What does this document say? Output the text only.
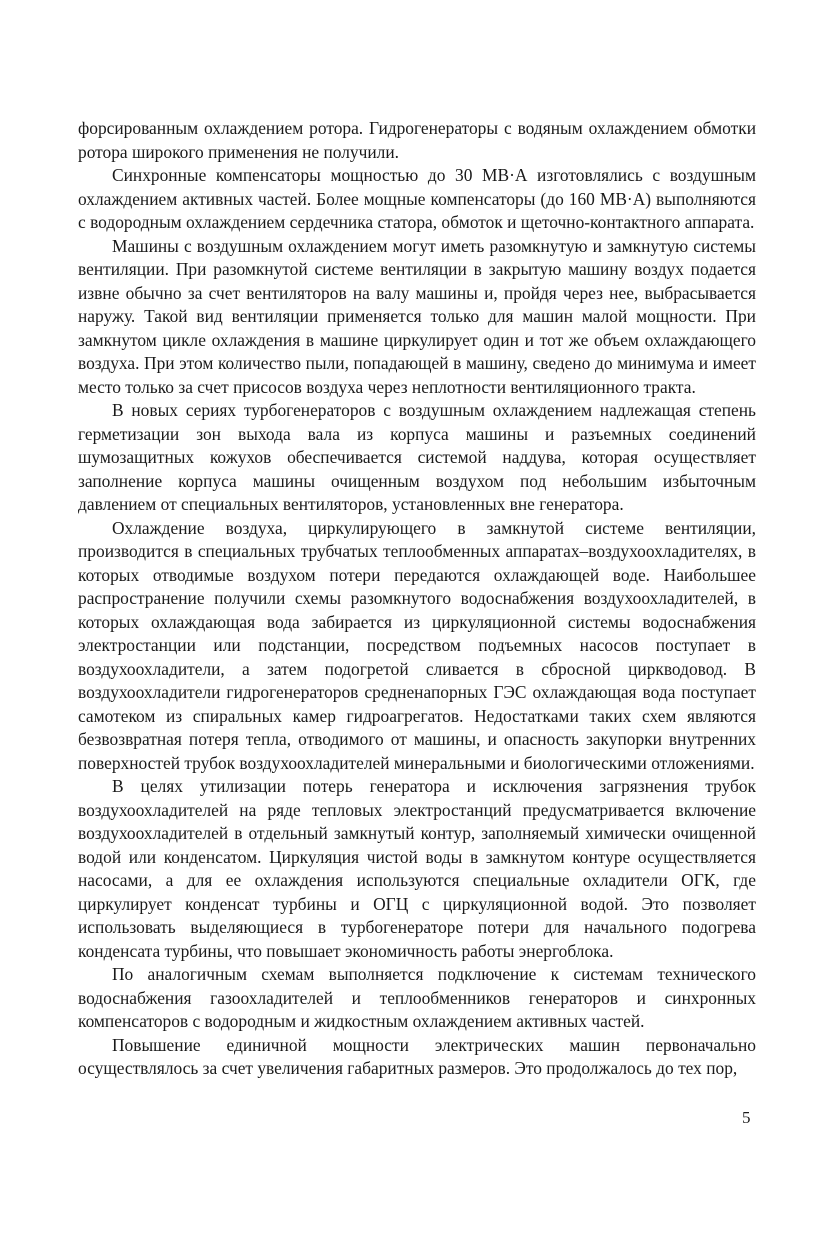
форсированным охлаждением ротора. Гидрогенераторы с водяным охлаждением обмотки ротора широкого применения не получили.

Синхронные компенсаторы мощностью до 30 МВ·А изготовлялись с воздушным охлаждением активных частей. Более мощные компенсаторы (до 160 МВ·А) выполняются с водородным охлаждением сердечника статора, обмоток и щеточно-контактного аппарата.

Машины с воздушным охлаждением могут иметь разомкнутую и замкнутую системы вентиляции. При разомкнутой системе вентиляции в закрытую машину воздух подается извне обычно за счет вентиляторов на валу машины и, пройдя через нее, выбрасывается наружу. Такой вид вентиляции применяется только для машин малой мощности. При замкнутом цикле охлаждения в машине циркулирует один и тот же объем охлаждающего воздуха. При этом количество пыли, попадающей в машину, сведено до минимума и имеет место только за счет присосов воздуха через неплотности вентиляционного тракта.

В новых сериях турбогенераторов с воздушным охлаждением надлежащая степень герметизации зон выхода вала из корпуса машины и разъемных соединений шумозащитных кожухов обеспечивается системой наддува, которая осуществляет заполнение корпуса машины очищенным воздухом под небольшим избыточным давлением от специальных вентиляторов, установленных вне генератора.

Охлаждение воздуха, циркулирующего в замкнутой системе вентиляции, производится в специальных трубчатых теплообменных аппаратах–воздухоохладителях, в которых отводимые воздухом потери передаются охлаждающей воде. Наибольшее распространение получили схемы разомкнутого водоснабжения воздухоохладителей, в которых охлаждающая вода забирается из циркуляционной системы водоснабжения электростанции или подстанции, посредством подъемных насосов поступает в воздухоохладители, а затем подогретой сливается в сбросной циркводовод. В воздухоохладители гидрогенераторов средненапорных ГЭС охлаждающая вода поступает самотеком из спиральных камер гидроагрегатов. Недостатками таких схем являются безвозвратная потеря тепла, отводимого от машины, и опасность закупорки внутренних поверхностей трубок воздухоохладителей минеральными и биологическими отложениями.

В целях утилизации потерь генератора и исключения загрязнения трубок воздухоохладителей на ряде тепловых электростанций предусматривается включение воздухоохладителей в отдельный замкнутый контур, заполняемый химически очищенной водой или конденсатом. Циркуляция чистой воды в замкнутом контуре осуществляется насосами, а для ее охлаждения используются специальные охладители ОГК, где циркулирует конденсат турбины и ОГЦ с циркуляционной водой. Это позволяет использовать выделяющиеся в турбогенераторе потери для начального подогрева конденсата турбины, что повышает экономичность работы энергоблока.

По аналогичным схемам выполняется подключение к системам технического водоснабжения газоохладителей и теплообменников генераторов и синхронных компенсаторов с водородным и жидкостным охлаждением активных частей.

Повышение единичной мощности электрических машин первоначально осуществлялось за счет увеличения габаритных размеров. Это продолжалось до тех пор,

5
